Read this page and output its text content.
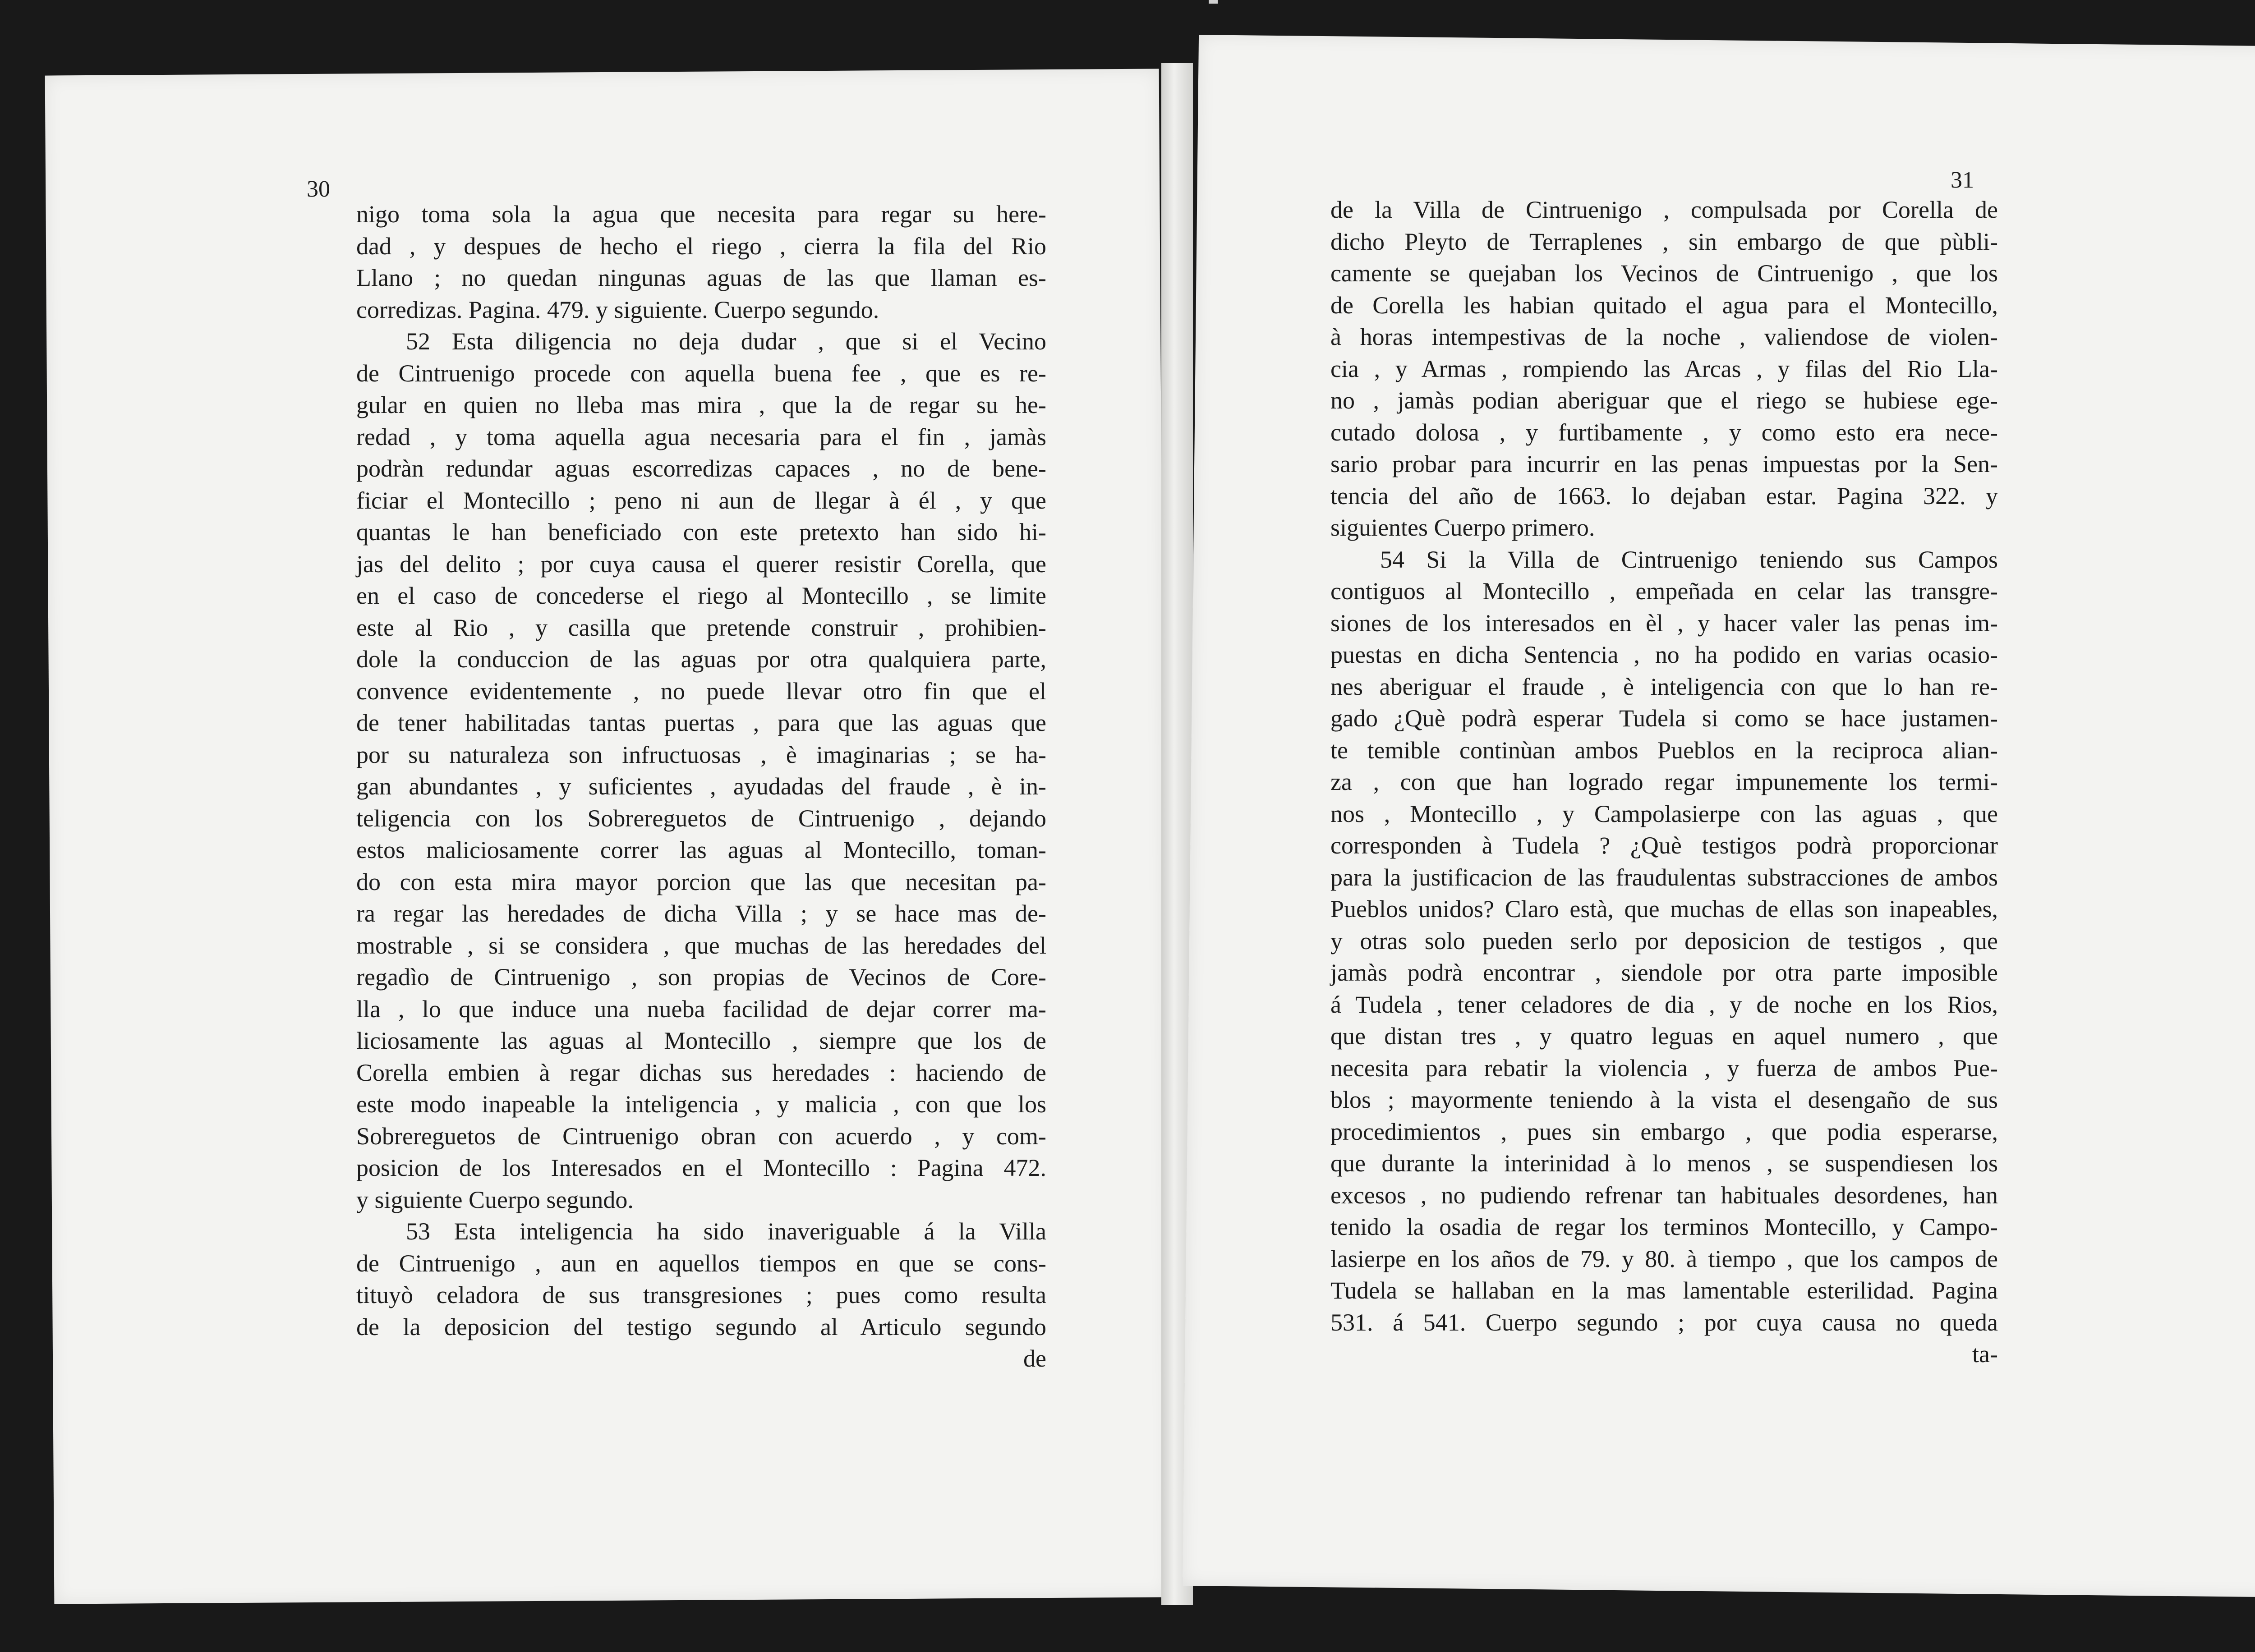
30	31
nigo toma sola la agua que necesita para regar su here-
dad , y despues de hecho el riego , cierra la fila del Rio
Llano ; no quedan ningunas aguas de las que llaman es-
corredizas. Pagina. 479. y siguiente. Cuerpo segundo.
52 Esta diligencia no deja dudar , que si el Vecino
de Cintruenigo procede con aquella buena fee , que es re-
gular en quien no lleba mas mira , que la de regar su he-
redad , y toma aquella agua necesaria para el fin , jamàs
podràn redundar aguas escorredizas capaces , no de bene-
ficiar el Montecillo ; peno ni aun de llegar à él , y que
quantas le han beneficiado con este pretexto han sido hi-
jas del delito ; por cuya causa el querer resistir Corella, que
en el caso de concederse el riego al Montecillo , se limite
este al Rio , y casilla que pretende construir , prohibien-
dole la conduccion de las aguas por otra qualquiera parte,
convence evidentemente , no puede llevar otro fin que el
de tener habilitadas tantas puertas , para que las aguas que
por su naturaleza son infructuosas , è imaginarias ; se ha-
gan abundantes , y suficientes , ayudadas del fraude , è in-
teligencia con los Sobrereguetos de Cintruenigo , dejando
estos maliciosamente correr las aguas al Montecillo, toman-
do con esta mira mayor porcion que las que necesitan pa-
ra regar las heredades de dicha Villa ; y se hace mas de-
mostrable , si se considera , que muchas de las heredades del
regadìo de Cintruenigo , son propias de Vecinos de Core-
lla , lo que induce una nueba facilidad de dejar correr ma-
liciosamente las aguas al Montecillo , siempre que los de
Corella embien à regar dichas sus heredades : haciendo de
este modo inapeable la inteligencia , y malicia , con que los
Sobrereguetos de Cintruenigo obran con acuerdo , y com-
posicion de los Interesados en el Montecillo : Pagina 472.
y siguiente Cuerpo segundo.
53 Esta inteligencia ha sido inaveriguable á la Villa
de Cintruenigo , aun en aquellos tiempos en que se cons-
tituyò celadora de sus transgresiones ; pues como resulta
de la deposicion del testigo segundo al Articulo segundo
de
de la Villa de Cintruenigo , compulsada por Corella de
dicho Pleyto de Terraplenes , sin embargo de que pùbli-
camente se quejaban los Vecinos de Cintruenigo , que los
de Corella les habian quitado el agua para el Montecillo,
à horas intempestivas de la noche , valiendose de violen-
cia , y Armas , rompiendo las Arcas , y filas del Rio Lla-
no , jamàs podian aberiguar que el riego se hubiese ege-
cutado dolosa , y furtibamente , y como esto era nece-
sario probar para incurrir en las penas impuestas por la Sen-
tencia del año de 1663. lo dejaban estar. Pagina 322. y
siguientes Cuerpo primero.
54 Si la Villa de Cintruenigo teniendo sus Campos
contiguos al Montecillo , empeñada en celar las transgre-
siones de los interesados en èl , y hacer valer las penas im-
puestas en dicha Sentencia , no ha podido en varias ocasio-
nes aberiguar el fraude , è inteligencia con que lo han re-
gado ¿Què podrà esperar Tudela si como se hace justamen-
te temible continùan ambos Pueblos en la reciproca alian-
za , con que han logrado regar impunemente los termi-
nos , Montecillo , y Campolasierpe con las aguas , que
corresponden à Tudela ? ¿Què testigos podrà proporcionar
para la justificacion de las fraudulentas substracciones de ambos
Pueblos unidos? Claro està, que muchas de ellas son inapeables,
y otras solo pueden serlo por deposicion de testigos , que
jamàs podrà encontrar , siendole por otra parte imposible
á Tudela , tener celadores de dia , y de noche en los Rios,
que distan tres , y quatro leguas en aquel numero , que
necesita para rebatir la violencia , y fuerza de ambos Pue-
blos ; mayormente teniendo à la vista el desengaño de sus
procedimientos , pues sin embargo , que podia esperarse,
que durante la interinidad à lo menos , se suspendiesen los
excesos , no pudiendo refrenar tan habituales desordenes, han
tenido la osadia de regar los terminos Montecillo, y Campo-
lasierpe en los años de 79. y 80. à tiempo , que los campos de
Tudela se hallaban en la mas lamentable esterilidad. Pagina
531. á 541. Cuerpo segundo ; por cuya causa no queda
ta-
